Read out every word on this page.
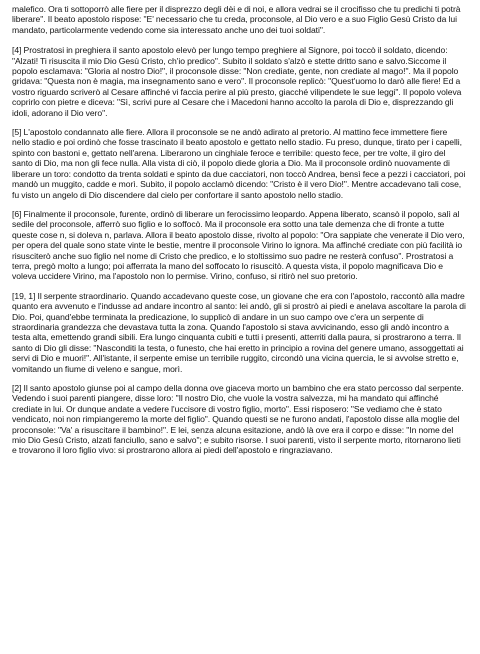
malefico. Ora ti sottoporrò alle fiere per il disprezzo degli dèi e di noi, e allora vedrai se il crocifisso che tu predichi ti potrà liberare". Il beato apostolo rispose: "E' necessario che tu creda, proconsole, al Dio vero e a suo Figlio Gesù Cristo da lui mandato, particolarmente vedendo come sia interessato anche uno dei tuoi soldati".

[4] Prostratosi in preghiera il santo apostolo elevò per lungo tempo preghiere al Signore, poi toccò il soldato, dicendo: "Alzati! Ti risuscita il mio Dio Gesù Cristo, ch'io predico". Subito il soldato s'alzò e stette dritto sano e salvo.Siccome il popolo esclamava: "Gloria al nostro Dio!", il proconsole disse: "Non crediate, gente, non crediate al mago!". Ma il popolo gridava: "Questa non è magia, ma insegnamento sano e vero". Il proconsole replicò: "Quest'uomo lo darò alle fiere! Ed a vostro riguardo scriverò al Cesare affinché vi faccia perire al più presto, giacché vilipendete le sue leggi". Il popolo voleva coprirlo con pietre e diceva: "Sì, scrivi pure al Cesare che i Macedoni hanno accolto la parola di Dio e, disprezzando gli idoli, adorano il Dio vero".

[5] L'apostolo condannato alle fiere. Allora il proconsole se ne andò adirato al pretorio. Al mattino fece immettere fiere nello stadio e poi ordinò che fosse trascinato il beato apostolo e gettato nello stadio. Fu preso, dunque, tirato per i capelli, spinto con bastoni e, gettato nell'arena. Liberarono un cinghiale feroce e terribile: questo fece, per tre volte, il giro del santo di Dio, ma non gli fece nulla. Alla vista di ciò, il popolo diede gloria a Dio. Ma il proconsole ordinò nuovamente di liberare un toro: condotto da trenta soldati e spinto da due cacciatori, non toccò Andrea, bensì fece a pezzi i cacciatori, poi mandò un muggito, cadde e morì. Subito, il popolo acclamò dicendo: "Cristo è il vero Dio!". Mentre accadevano tali cose, fu visto un angelo di Dio discendere dal cielo per confortare il santo apostolo nello stadio.

[6] Finalmente il proconsole, furente, ordinò di liberare un ferocissimo leopardo. Appena liberato, scansò il popolo, salì al sedile del proconsole, afferrò suo figlio e lo soffocò. Ma il proconsole era sotto una tale demenza che di fronte a tutte queste cose n, si doleva n, parlava. Allora il beato apostolo disse, rivolto al popolo: "Ora sappiate che venerate il Dio vero, per opera del quale sono state vinte le bestie, mentre il proconsole Virino lo ignora. Ma affinché crediate con più facilità io risusciterò anche suo figlio nel nome di Cristo che predico, e lo stoltissimo suo padre ne resterà confuso". Prostratosi a terra, pregò molto a lungo; poi afferrata la mano del soffocato lo risuscitò. A questa vista, il popolo magnificava Dio e voleva uccidere Virino, ma l'apostolo non lo permise. Virino, confuso, si ritirò nel suo pretorio.

[19, 1] Il serpente straordinario. Quando accadevano queste cose, un giovane che era con l'apostolo, raccontò alla madre quanto era avvenuto e l'indusse ad andare incontro al santo: lei andò, gli si prostrò ai piedi e anelava ascoltare la parola di Dio. Poi, quand'ebbe terminata la predicazione, lo supplicò di andare in un suo campo ove c'era un serpente di straordinaria grandezza che devastava tutta la zona. Quando l'apostolo si stava avvicinando, esso gli andò incontro a testa alta, emettendo grandi sibili. Era lungo cinquanta cubiti e tutti i presenti, atterriti dalla paura, si prostrarono a terra. Il santo di Dio gli disse: "Nasconditi la testa, o funesto, che hai eretto in principio a rovina del genere umano, assoggettati ai servi di Dio e muori!". All'istante, il serpente emise un terribile ruggito, circondò una vicina quercia, le si avvolse stretto e, vomitando un fiume di veleno e sangue, morì.

[2] Il santo apostolo giunse poi al campo della donna ove giaceva morto un bambino che era stato percosso dal serpente. Vedendo i suoi parenti piangere, disse loro: "Il nostro Dio, che vuole la vostra salvezza, mi ha mandato qui affinché crediate in lui. Or dunque andate a vedere l'uccisore di vostro figlio, morto". Essi risposero: "Se vediamo che è stato vendicato, noi non rimpiangeremo la morte del figlio". Quando questi se ne furono andati, l'apostolo disse alla moglie del proconsole: "Va' a risuscitare il bambino!". E lei, senza alcuna esitazione, andò là ove era il corpo e disse: "In nome del mio Dio Gesù Cristo, alzati fanciullo, sano e salvo"; e subito risorse. I suoi parenti, visto il serpente morto, ritornarono lieti e trovarono il loro figlio vivo: si prostrarono allora ai piedi dell'apostolo e ringraziavano.
